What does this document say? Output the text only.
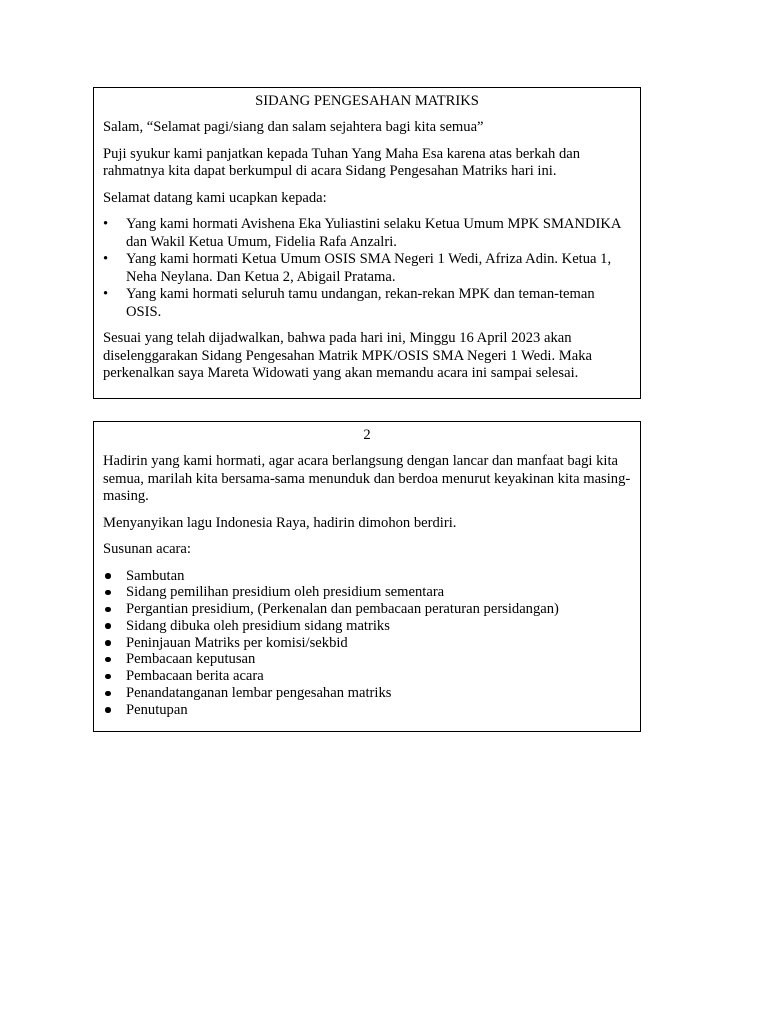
SIDANG PENGESAHAN MATRIKS

Salam, “Selamat pagi/siang dan salam sejahtera bagi kita semua”

Puji syukur kami panjatkan kepada Tuhan Yang Maha Esa karena atas berkah dan rahmatnya kita dapat berkumpul di acara Sidang Pengesahan Matriks hari ini.

Selamat datang kami ucapkan kepada:

• Yang kami hormati Avishena Eka Yuliastini selaku Ketua Umum MPK SMANDIKA dan Wakil Ketua Umum, Fidelia Rafa Anzalri.
• Yang kami hormati Ketua Umum OSIS SMA Negeri 1 Wedi, Afriza Adin. Ketua 1, Neha Neylana. Dan Ketua 2, Abigail Pratama.
• Yang kami hormati seluruh tamu undangan, rekan-rekan MPK dan teman-teman OSIS.

Sesuai yang telah dijadwalkan, bahwa pada hari ini, Minggu 16 April 2023 akan diselenggarakan Sidang Pengesahan Matrik MPK/OSIS SMA Negeri 1 Wedi. Maka perkenalkan saya Mareta Widowati yang akan memandu acara ini sampai selesai.

2

Hadirin yang kami hormati, agar acara berlangsung dengan lancar dan manfaat bagi kita semua, marilah kita bersama-sama menunduk dan berdoa menurut keyakinan kita masing-masing.

Menyanyikan lagu Indonesia Raya, hadirin dimohon berdiri.

Susunan acara:

Sambutan
Sidang pemilihan presidium oleh presidium sementara
Pergantian presidium, (Perkenalan dan pembacaan peraturan persidangan)
Sidang dibuka oleh presidium sidang matriks
Peninjauan Matriks per komisi/sekbid
Pembacaan keputusan
Pembacaan berita acara
Penandatanganan lembar pengesahan matriks
Penutupan
